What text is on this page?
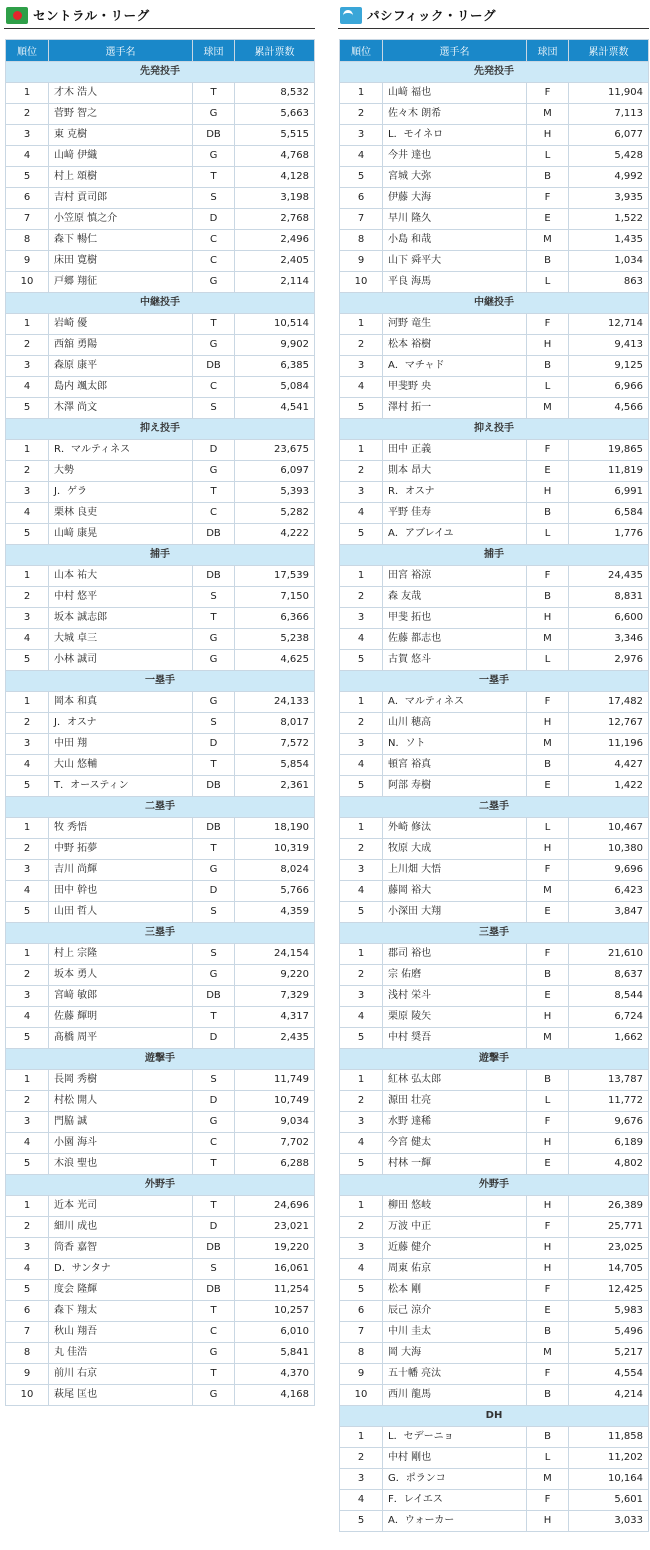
セントラル・リーグ
順位	選手名	球団	累計票数
先発投手			
1	才木 浩人	T	8,532
2	菅野 智之	G	5,663
3	東 克樹	DB	5,515
4	山﨑 伊織	G	4,768
5	村上 頌樹	T	4,128
6	吉村 貢司郎	S	3,198
7	小笠原 慎之介	D	2,768
8	森下 暢仁	C	2,496
9	床田 寛樹	C	2,405
10	戸郷 翔征	G	2,114
中継投手			
1	岩崎 優	T	10,514
2	西舘 勇陽	G	9,902
3	森原 康平	DB	6,385
4	島内 颯太郎	C	5,084
5	木澤 尚文	S	4,541
抑え投手			
1	R．マルティネス	D	23,675
2	大勢	G	6,097
3	J．ゲラ	T	5,393
4	栗林 良吏	C	5,282
5	山﨑 康晃	DB	4,222
捕手			
1	山本 祐大	DB	17,539
2	中村 悠平	S	7,150
3	坂本 誠志郎	T	6,366
4	大城 卓三	G	5,238
5	小林 誠司	G	4,625
一塁手			
1	岡本 和真	G	24,133
2	J．オスナ	S	8,017
3	中田 翔	D	7,572
4	大山 悠輔	T	5,854
5	T．オースティン	DB	2,361
二塁手			
1	牧 秀悟	DB	18,190
2	中野 拓夢	T	10,319
3	吉川 尚輝	G	8,024
4	田中 幹也	D	5,766
5	山田 哲人	S	4,359
三塁手			
1	村上 宗隆	S	24,154
2	坂本 勇人	G	9,220
3	宮﨑 敏郎	DB	7,329
4	佐藤 輝明	T	4,317
5	髙橋 周平	D	2,435
遊撃手			
1	長岡 秀樹	S	11,749
2	村松 開人	D	10,749
3	門脇 誠	G	9,034
4	小園 海斗	C	7,702
5	木浪 聖也	T	6,288
外野手			
1	近本 光司	T	24,696
2	細川 成也	D	23,021
3	筒香 嘉智	DB	19,220
4	D．サンタナ	S	16,061
5	度会 隆輝	DB	11,254
6	森下 翔太	T	10,257
7	秋山 翔吾	C	6,010
8	丸 佳浩	G	5,841
9	前川 右京	T	4,370
10	萩尾 匡也	G	4,168
パシフィック・リーグ
順位	選手名	球団	累計票数
先発投手			
1	山﨑 福也	F	11,904
2	佐々木 朗希	M	7,113
3	L．モイネロ	H	6,077
4	今井 達也	L	5,428
5	宮城 大弥	B	4,992
6	伊藤 大海	F	3,935
7	早川 隆久	E	1,522
8	小島 和哉	M	1,435
9	山下 舜平大	B	1,034
10	平良 海馬	L	863
中継投手			
1	河野 竜生	F	12,714
2	松本 裕樹	H	9,413
3	A．マチャド	B	9,125
4	甲斐野 央	L	6,966
5	澤村 拓一	M	4,566
抑え投手			
1	田中 正義	F	19,865
2	則本 昂大	E	11,819
3	R．オスナ	H	6,991
4	平野 佳寿	B	6,584
5	A．アブレイユ	L	1,776
捕手			
1	田宮 裕涼	F	24,435
2	森 友哉	B	8,831
3	甲斐 拓也	H	6,600
4	佐藤 都志也	M	3,346
5	古賀 悠斗	L	2,976
一塁手			
1	A．マルティネス	F	17,482
2	山川 穂高	H	12,767
3	N．ソト	M	11,196
4	頓宮 裕真	B	4,427
5	阿部 寿樹	E	1,422
二塁手			
1	外崎 修汰	L	10,467
2	牧原 大成	H	10,380
3	上川畑 大悟	F	9,696
4	藤岡 裕大	M	6,423
5	小深田 大翔	E	3,847
三塁手			
1	郡司 裕也	F	21,610
2	宗 佑磨	B	8,637
3	浅村 栄斗	E	8,544
4	栗原 陵矢	H	6,724
5	中村 奨吾	M	1,662
遊撃手			
1	紅林 弘太郎	B	13,787
2	源田 壮亮	L	11,772
3	水野 達稀	F	9,676
4	今宮 健太	H	6,189
5	村林 一輝	E	4,802
外野手			
1	柳田 悠岐	H	26,389
2	万波 中正	F	25,771
3	近藤 健介	H	23,025
4	周東 佑京	H	14,705
5	松本 剛	F	12,425
6	辰己 涼介	E	5,983
7	中川 圭太	B	5,496
8	岡 大海	M	5,217
9	五十幡 亮汰	F	4,554
10	西川 龍馬	B	4,214
DH			
1	L．セデーニョ	B	11,858
2	中村 剛也	L	11,202
3	G．ポランコ	M	10,164
4	F．レイエス	F	5,601
5	A．ウォーカー	H	3,033
